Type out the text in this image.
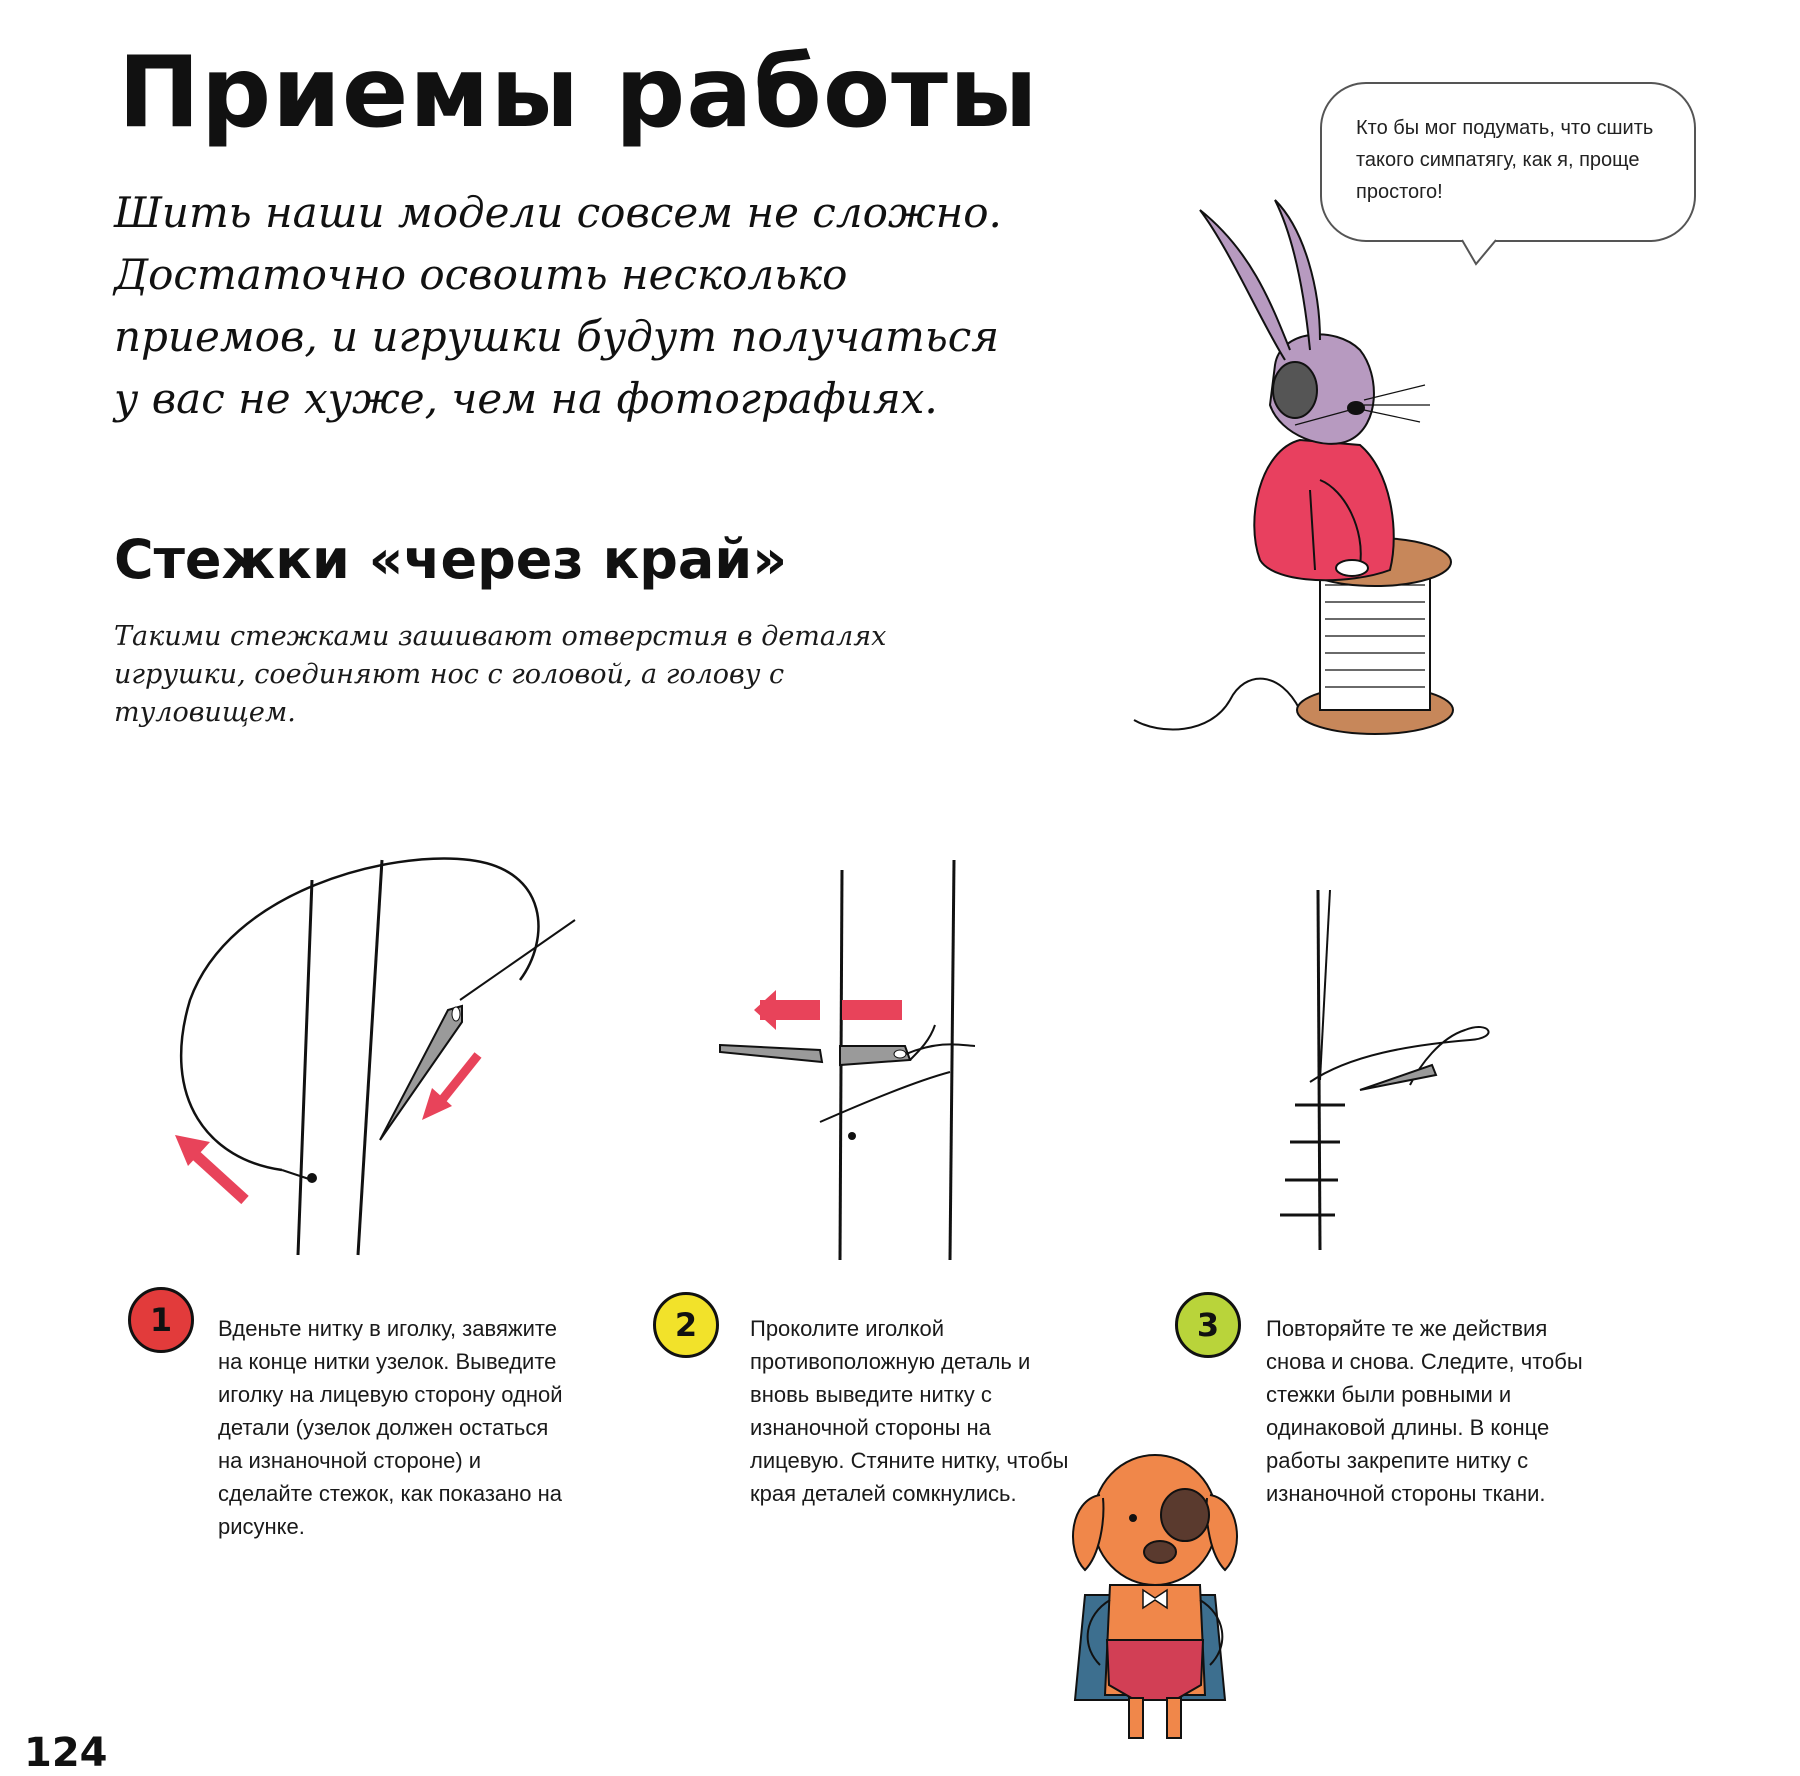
Приемы работы

Шить наши модели совсем не сложно. Достаточно освоить несколько приемов, и игрушки будут получаться у вас не хуже, чем на фотографиях.

Стежки «через край»

Такими стежками зашивают отверстия в деталях игрушки, соединяют нос с головой, а голову с туловищем.

Кто бы мог подумать, что сшить такого симпатягу, как я, проще простого!

1 Вденьте нитку в иголку, завяжите на конце нитки узелок. Выведите иголку на лицевую сторону одной детали (узелок должен остаться на изнаночной стороне) и сделайте стежок, как показано на рисунке.

2 Проколите иголкой противоположную деталь и вновь выведите нитку с изнаночной стороны на лицевую. Стяните нитку, чтобы края деталей сомкнулись.

3 Повторяйте те же действия снова и снова. Следите, чтобы стежки были ровными и одинаковой длины. В конце работы закрепите нитку с изнаночной стороны ткани.

124
